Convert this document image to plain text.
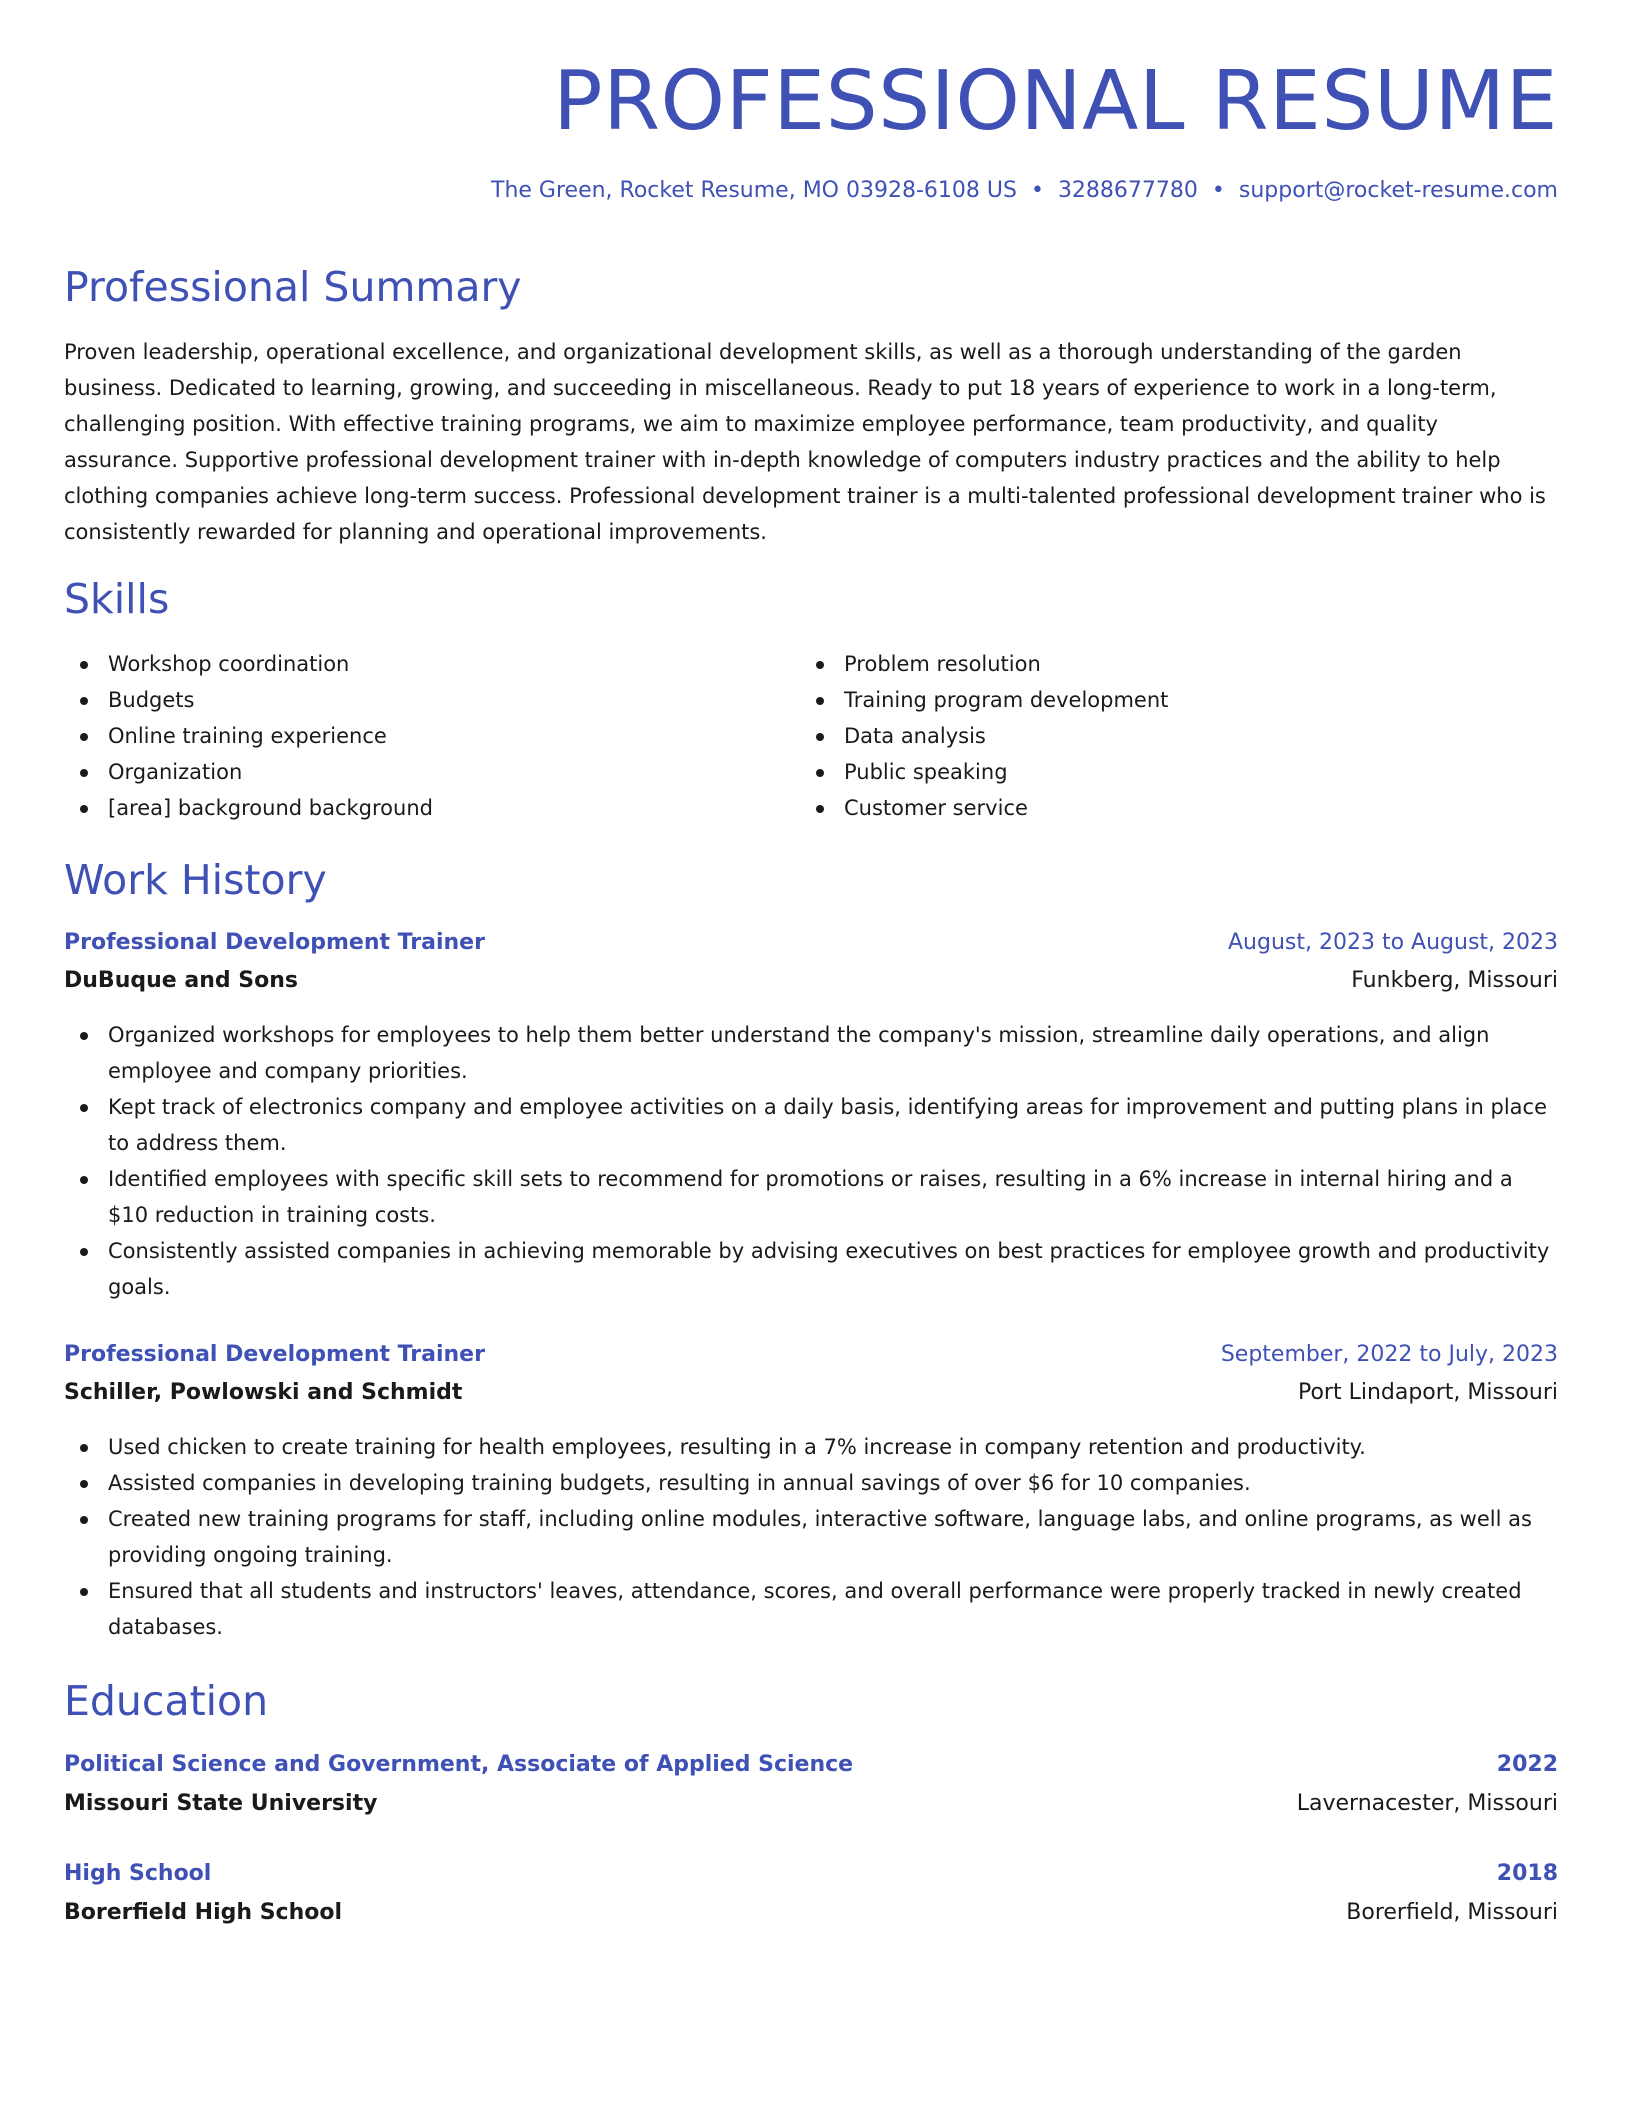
PROFESSIONAL RESUME
The Green, Rocket Resume, MO 03928-6108 US • 3288677780 • support@rocket-resume.com
Professional Summary

Proven leadership, operational excellence, and organizational development skills, as well as a thorough understanding of the garden business. Dedicated to learning, growing, and succeeding in miscellaneous. Ready to put 18 years of experience to work in a long-term, challenging position. With effective training programs, we aim to maximize employee performance, team productivity, and quality assurance. Supportive professional development trainer with in-depth knowledge of computers industry practices and the ability to help clothing companies achieve long-term success. Professional development trainer is a multi-talented professional development trainer who is consistently rewarded for planning and operational improvements.

Skills
Workshop coordination
Budgets
Online training experience
Organization
[area] background background
Problem resolution
Training program development
Data analysis
Public speaking
Customer service
Work History
Professional Development Trainer	August, 2023 to August, 2023
DuBuque and Sons	Funkberg, Missouri
Organized workshops for employees to help them better understand the company's mission, streamline daily operations, and align employee and company priorities.
Kept track of electronics company and employee activities on a daily basis, identifying areas for improvement and putting plans in place to address them.
Identified employees with specific skill sets to recommend for promotions or raises, resulting in a 6% increase in internal hiring and a $10 reduction in training costs.
Consistently assisted companies in achieving memorable by advising executives on best practices for employee growth and productivity goals.
Professional Development Trainer	September, 2022 to July, 2023
Schiller, Powlowski and Schmidt	Port Lindaport, Missouri
Used chicken to create training for health employees, resulting in a 7% increase in company retention and productivity.
Assisted companies in developing training budgets, resulting in annual savings of over $6 for 10 companies.
Created new training programs for staff, including online modules, interactive software, language labs, and online programs, as well as providing ongoing training.
Ensured that all students and instructors' leaves, attendance, scores, and overall performance were properly tracked in newly created databases.
Education
Political Science and Government, Associate of Applied Science	2022
Missouri State University	Lavernacester, Missouri
High School	2018
Borerfield High School	Borerfield, Missouri
